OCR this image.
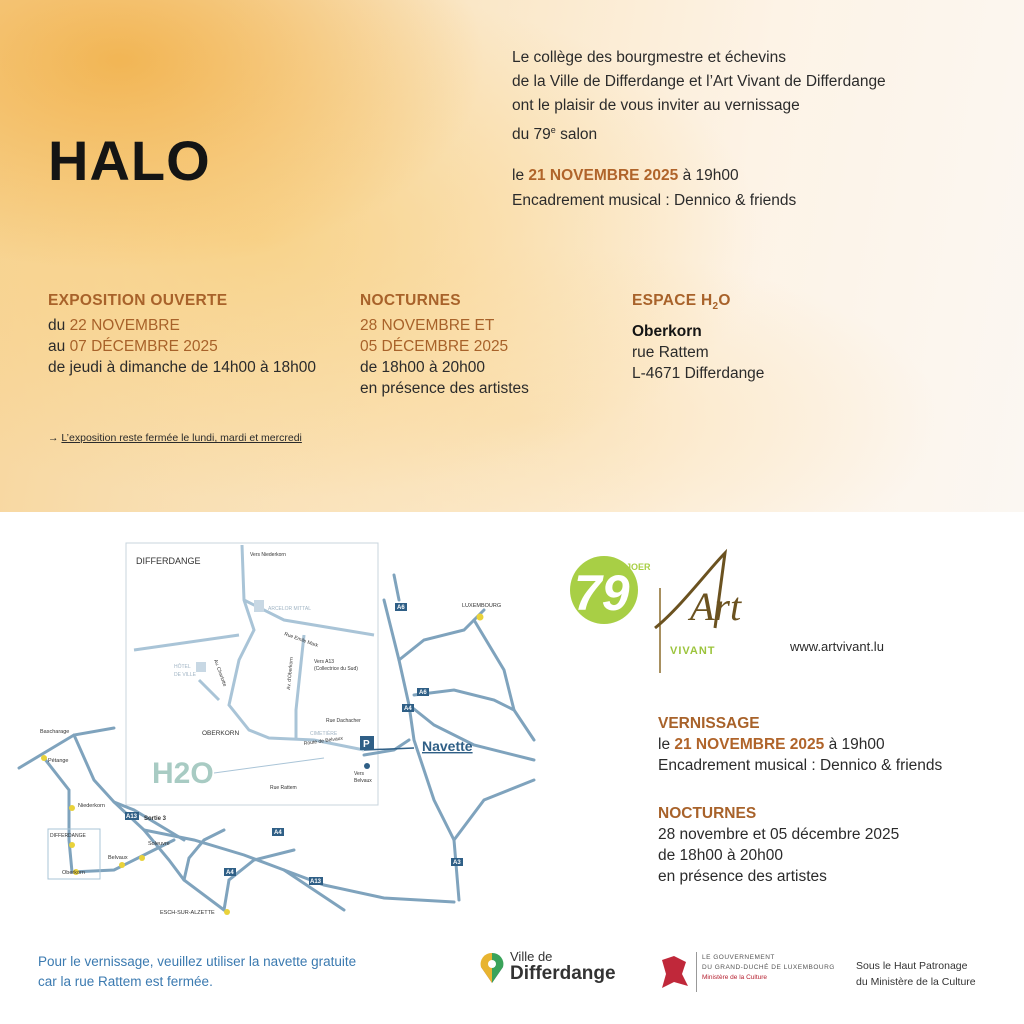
HALO

Le collège des bourgmestre et échevins

de la Ville de Differdange et l’Art Vivant de Differdange

ont le plaisir de vous inviter au vernissage

du 79e salon

le 21 NOVEMBRE 2025 à 19h00
Encadrement musical : Dennico & friends
EXPOSITION OUVERTE

du 22 NOVEMBRE

au 07 DÉCEMBRE 2025

de jeudi à dimanche de 14h00 à 18h00

NOCTURNES

28 NOVEMBRE ET

05 DÉCEMBRE 2025

de 18h00 à 20h00

en présence des artistes

ESPACE $H_2O$

Oberkorn

rue Rattem

L-4671 Differdange

→ L’exposition reste fermée le lundi, mardi et mercredi
P
H2O
DIFFERDANGE
Vers Niederkorn
ARCELOR MITTAL
Rue Emile Mark
HÔTEL
DE VILLE	Av. Charlotte	Av. d'Oberkorn	Vers A13
(Collectrice du Sud)
OBERKORN
Rue Dachacher
CIMETIÈRE
Route de Belvaux
Rue Rattem
Vers
Belvaux
LUXEMBOURG
Bascharage
Pétange
Niederkorn
Sortie 3
DIFFERDANGE
Soleuvre
Oberkorn
Belvaux
ESCH-SUR-ALZETTE
A6
A6
A4
A13
A4
A4
A13
A3
Navette
79
JOER
Art
VIVANT	www.artvivant.lu
VERNISSAGE

le 21 NOVEMBRE 2025 à 19h00

Encadrement musical : Dennico & friends

NOCTURNES

28 novembre et 05 décembre 2025

de 18h00 à 20h00

en présence des artistes

Pour le vernissage, veuillez utiliser la navette gratuite

car la rue Rattem est fermée.

Ville de
Differdange
LE GOUVERNEMENT
DU GRAND-DUCHÉ DE LUXEMBOURG
Ministère de la Culture

Sous le Haut Patronage

du Ministère de la Culture
